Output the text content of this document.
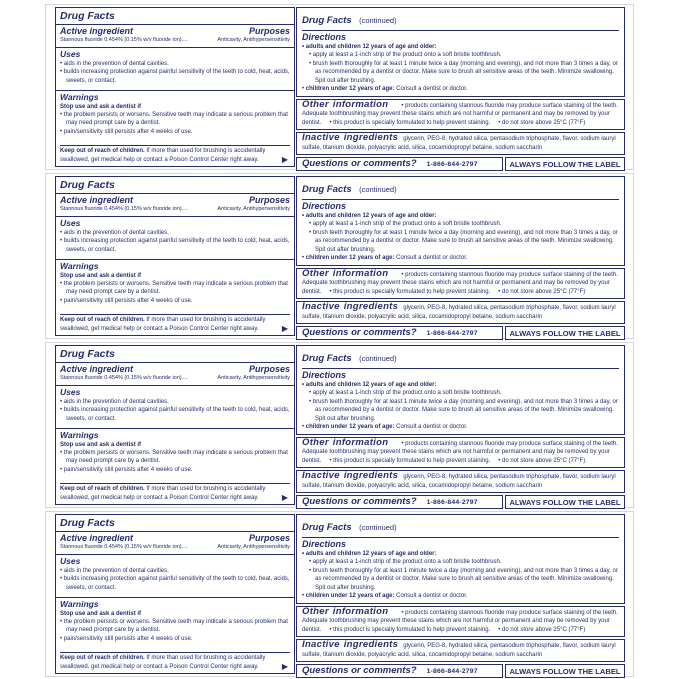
Drug Facts
Active ingredient	Purposes
Stannous fluoride 0.454% (0.15% w/v fluoride ion)....	Anticavity, Antihypersensitivity
Uses
• aids in the prevention of dental cavities.
• builds increasing protection against painful sensitivity of the teeth to cold, heat, acids, sweets, or contact.
Warnings
Stop use and ask a dentist if
• the problem persists or worsens. Sensitive teeth may indicate a serious problem that may need prompt care by a dentist.
• pain/sensitivity still persists after 4 weeks of use.

Keep out of reach of children. If more than used for brushing is accidentally swallowed, get medical help or contact a Poison Control Center right away.	▶
Drug Facts (continued)
Directions
• adults and children 12 years of age and older:
• apply at least a 1-inch strip of the product onto a soft bristle toothbrush.
• brush teeth thoroughly for at least 1 minute twice a day (morning and evening), and not more than 3 times a day, or as recommended by a dentist or doctor. Make sure to brush all sensitive areas of the teeth. Minimize swallowing. Spit out after brushing.
• children under 12 years of age: Consult a dentist or doctor.

Other information	• products containing stannous fluoride may produce surface staining of the teeth. Adequate toothbrushing may prevent these stains which are not harmful or permanent and may be removed by your dentist. • this product is specially formulated to help prevent staining. • do not store above 25°C (77°F)

Inactive ingredients glycerin, PEG-8, hydrated silica, pentasodium triphosphate, flavor, sodium lauryl sulfate, titanium dioxide, polyacrylic acid, silica, cocamidopropyl betaine, sodium saccharin

Questions or comments? 1-866-844-2797	ALWAYS FOLLOW THE LABEL
Drug Facts
Active ingredient	Purposes
Stannous fluoride 0.454% (0.15% w/v fluoride ion)....	Anticavity, Antihypersensitivity
Uses
• aids in the prevention of dental cavities.
• builds increasing protection against painful sensitivity of the teeth to cold, heat, acids, sweets, or contact.
Warnings
Stop use and ask a dentist if
• the problem persists or worsens. Sensitive teeth may indicate a serious problem that may need prompt care by a dentist.
• pain/sensitivity still persists after 4 weeks of use.

Keep out of reach of children. If more than used for brushing is accidentally swallowed, get medical help or contact a Poison Control Center right away.	▶
Drug Facts (continued)
Directions
• adults and children 12 years of age and older:
• apply at least a 1-inch strip of the product onto a soft bristle toothbrush.
• brush teeth thoroughly for at least 1 minute twice a day (morning and evening), and not more than 3 times a day, or as recommended by a dentist or doctor. Make sure to brush all sensitive areas of the teeth. Minimize swallowing. Spit out after brushing.
• children under 12 years of age: Consult a dentist or doctor.

Other information	• products containing stannous fluoride may produce surface staining of the teeth. Adequate toothbrushing may prevent these stains which are not harmful or permanent and may be removed by your dentist. • this product is specially formulated to help prevent staining. • do not store above 25°C (77°F)

Inactive ingredients glycerin, PEG-8, hydrated silica, pentasodium triphosphate, flavor, sodium lauryl sulfate, titanium dioxide, polyacrylic acid, silica, cocamidopropyl betaine, sodium saccharin

Questions or comments? 1-866-844-2797	ALWAYS FOLLOW THE LABEL
Drug Facts
Active ingredient	Purposes
Stannous fluoride 0.454% (0.15% w/v fluoride ion)....	Anticavity, Antihypersensitivity
Uses
• aids in the prevention of dental cavities.
• builds increasing protection against painful sensitivity of the teeth to cold, heat, acids, sweets, or contact.
Warnings
Stop use and ask a dentist if
• the problem persists or worsens. Sensitive teeth may indicate a serious problem that may need prompt care by a dentist.
• pain/sensitivity still persists after 4 weeks of use.

Keep out of reach of children. If more than used for brushing is accidentally swallowed, get medical help or contact a Poison Control Center right away.	▶
Drug Facts (continued)
Directions
• adults and children 12 years of age and older:
• apply at least a 1-inch strip of the product onto a soft bristle toothbrush.
• brush teeth thoroughly for at least 1 minute twice a day (morning and evening), and not more than 3 times a day, or as recommended by a dentist or doctor. Make sure to brush all sensitive areas of the teeth. Minimize swallowing. Spit out after brushing.
• children under 12 years of age: Consult a dentist or doctor.

Other information	• products containing stannous fluoride may produce surface staining of the teeth. Adequate toothbrushing may prevent these stains which are not harmful or permanent and may be removed by your dentist. • this product is specially formulated to help prevent staining. • do not store above 25°C (77°F)

Inactive ingredients glycerin, PEG-8, hydrated silica, pentasodium triphosphate, flavor, sodium lauryl sulfate, titanium dioxide, polyacrylic acid, silica, cocamidopropyl betaine, sodium saccharin

Questions or comments? 1-866-844-2797	ALWAYS FOLLOW THE LABEL
Drug Facts
Active ingredient	Purposes
Stannous fluoride 0.454% (0.15% w/v fluoride ion)....	Anticavity, Antihypersensitivity
Uses
• aids in the prevention of dental cavities.
• builds increasing protection against painful sensitivity of the teeth to cold, heat, acids, sweets, or contact.
Warnings
Stop use and ask a dentist if
• the problem persists or worsens. Sensitive teeth may indicate a serious problem that may need prompt care by a dentist.
• pain/sensitivity still persists after 4 weeks of use.

Keep out of reach of children. If more than used for brushing is accidentally swallowed, get medical help or contact a Poison Control Center right away.	▶
Drug Facts (continued)
Directions
• adults and children 12 years of age and older:
• apply at least a 1-inch strip of the product onto a soft bristle toothbrush.
• brush teeth thoroughly for at least 1 minute twice a day (morning and evening), and not more than 3 times a day, or as recommended by a dentist or doctor. Make sure to brush all sensitive areas of the teeth. Minimize swallowing. Spit out after brushing.
• children under 12 years of age: Consult a dentist or doctor.

Other information	• products containing stannous fluoride may produce surface staining of the teeth. Adequate toothbrushing may prevent these stains which are not harmful or permanent and may be removed by your dentist. • this product is specially formulated to help prevent staining. • do not store above 25°C (77°F)

Inactive ingredients glycerin, PEG-8, hydrated silica, pentasodium triphosphate, flavor, sodium lauryl sulfate, titanium dioxide, polyacrylic acid, silica, cocamidopropyl betaine, sodium saccharin

Questions or comments? 1-866-844-2797	ALWAYS FOLLOW THE LABEL
